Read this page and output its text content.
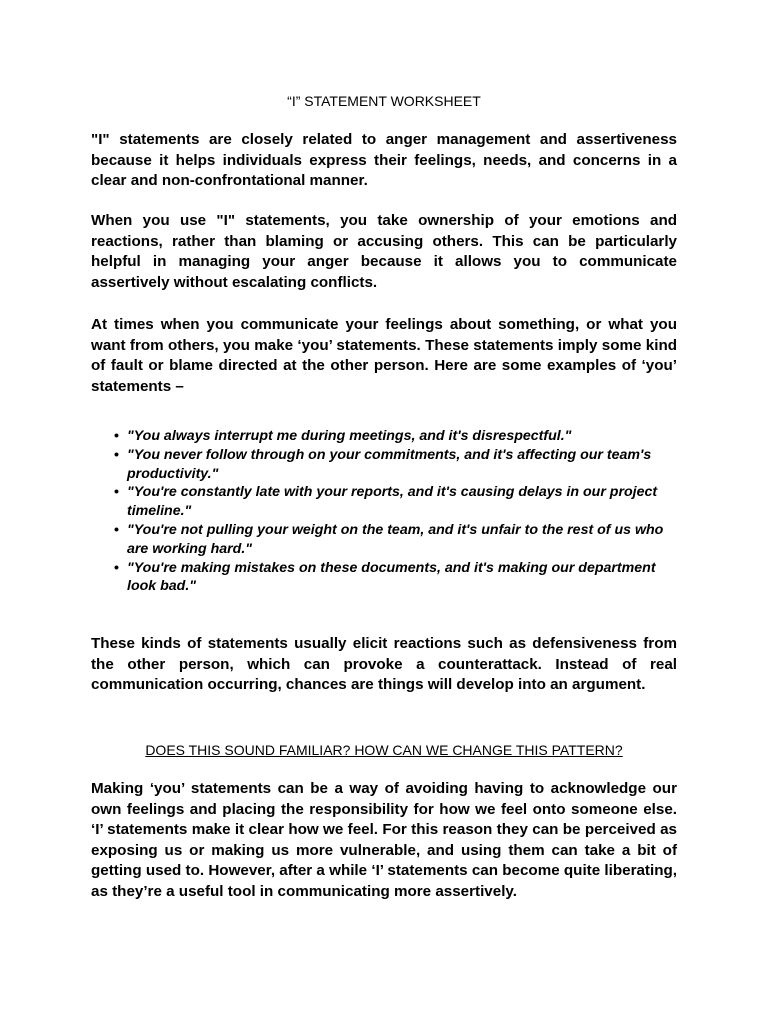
“I” STATEMENT WORKSHEET

"I" statements are closely related to anger management and assertiveness because it helps individuals express their feelings, needs, and concerns in a clear and non-confrontational manner.

When you use "I" statements, you take ownership of your emotions and reactions, rather than blaming or accusing others. This can be particularly helpful in managing your anger because it allows you to communicate assertively without escalating conflicts.

At times when you communicate your feelings about something, or what you want from others, you make ‘you’ statements. These statements imply some kind of fault or blame directed at the other person. Here are some examples of ‘you’ statements –

• "You always interrupt me during meetings, and it's disrespectful."
• "You never follow through on your commitments, and it's affecting our team's productivity."
• "You're constantly late with your reports, and it's causing delays in our project timeline."
• "You're not pulling your weight on the team, and it's unfair to the rest of us who are working hard."
• "You're making mistakes on these documents, and it's making our department look bad."

These kinds of statements usually elicit reactions such as defensiveness from the other person, which can provoke a counterattack. Instead of real communication occurring, chances are things will develop into an argument.

DOES THIS SOUND FAMILIAR? HOW CAN WE CHANGE THIS PATTERN?

Making ‘you’ statements can be a way of avoiding having to acknowledge our own feelings and placing the responsibility for how we feel onto someone else. ‘I’ statements make it clear how we feel. For this reason they can be perceived as exposing us or making us more vulnerable, and using them can take a bit of getting used to. However, after a while ‘I’ statements can become quite liberating, as they’re a useful tool in communicating more assertively.
